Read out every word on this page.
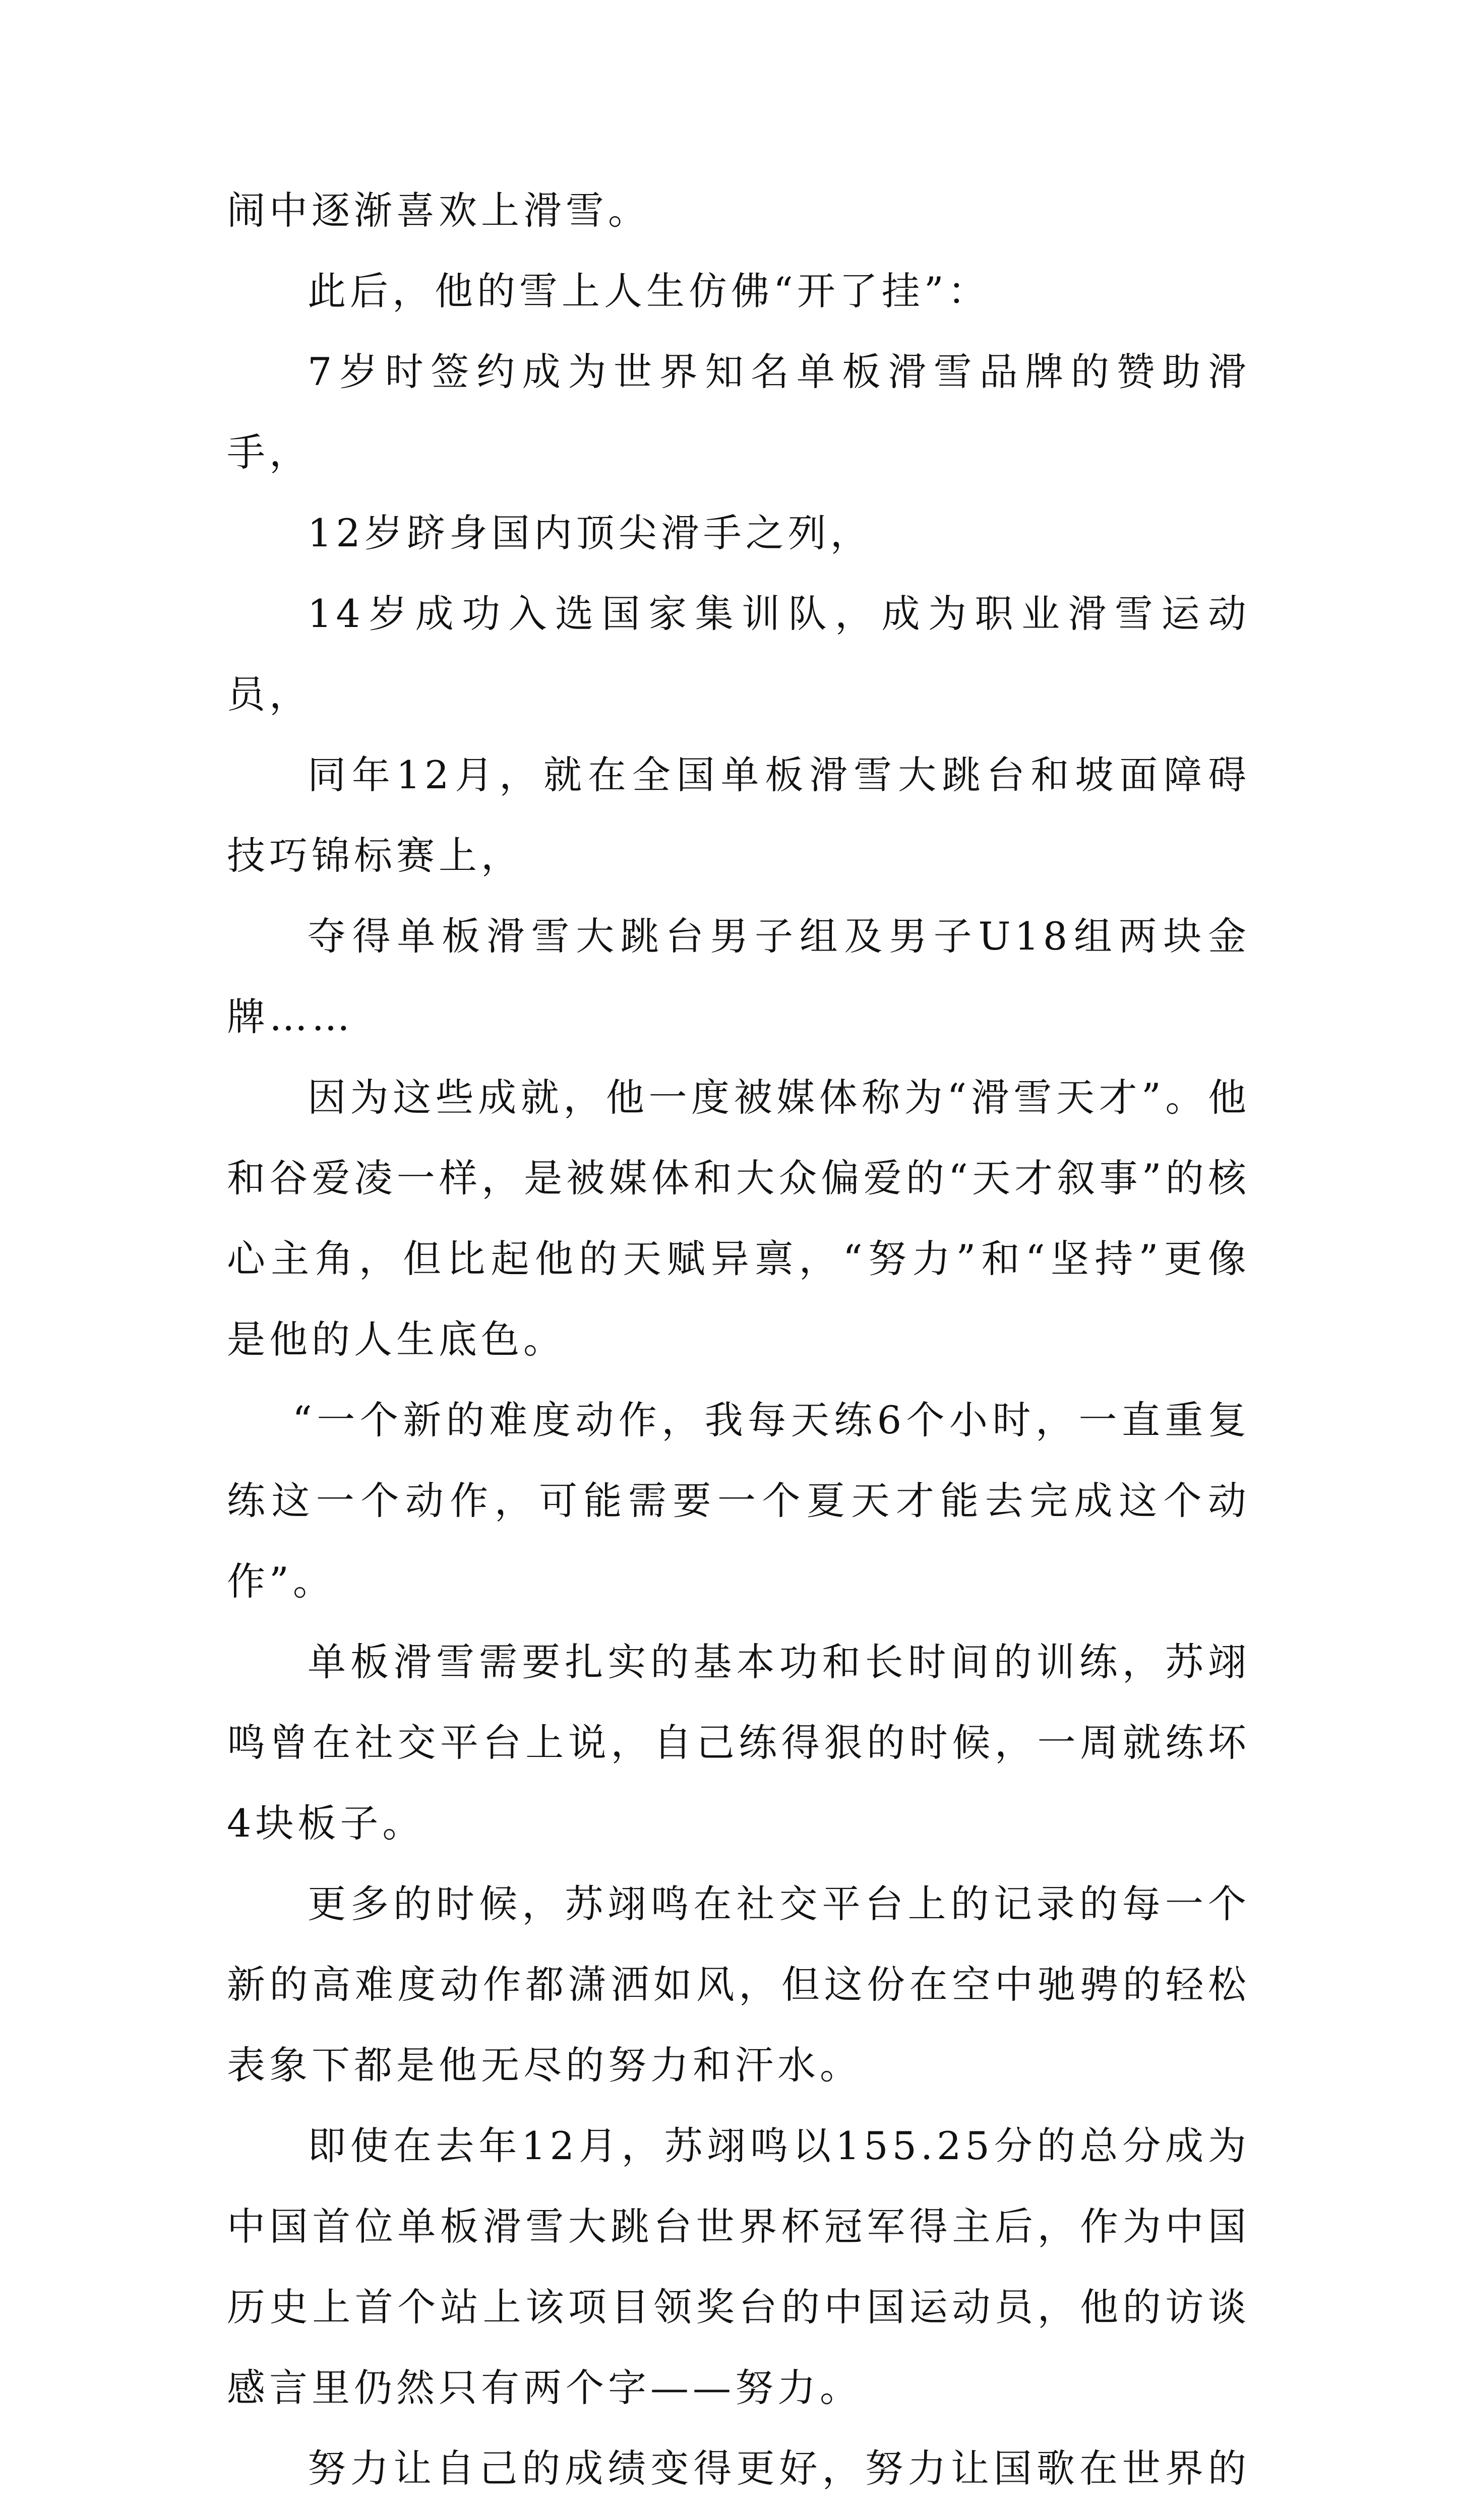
闹中逐渐喜欢上滑雪。

此后，他的雪上人生仿佛“开了挂”：

7岁时签约成为世界知名单板滑雪品牌的赞助滑手，

12岁跻身国内顶尖滑手之列，

14岁成功入选国家集训队，成为职业滑雪运动员，

同年12月，就在全国单板滑雪大跳台和坡面障碍技巧锦标赛上，

夺得单板滑雪大跳台男子组及男子U18组两块金牌……

因为这些成就，他一度被媒体称为“滑雪天才”。他和谷爱凌一样，是被媒体和大众偏爱的“天才叙事”的核心主角，但比起他的天赋异禀，“努力”和“坚持”更像是他的人生底色。

“一个新的难度动作，我每天练6个小时，一直重复练这一个动作，可能需要一个夏天才能去完成这个动作”。

单板滑雪需要扎实的基本功和长时间的训练，苏翊鸣曾在社交平台上说，自己练得狠的时候，一周就练坏4块板子。

更多的时候，苏翊鸣在社交平台上的记录的每一个新的高难度动作都潇洒如风，但这份在空中驰骋的轻松表象下都是他无尽的努力和汗水。

即使在去年12月，苏翊鸣以155.25分的总分成为中国首位单板滑雪大跳台世界杯冠军得主后，作为中国历史上首个站上该项目领奖台的中国运动员，他的访谈感言里仍然只有两个字——努力。

努力让自己的成绩变得更好，努力让国歌在世界的
